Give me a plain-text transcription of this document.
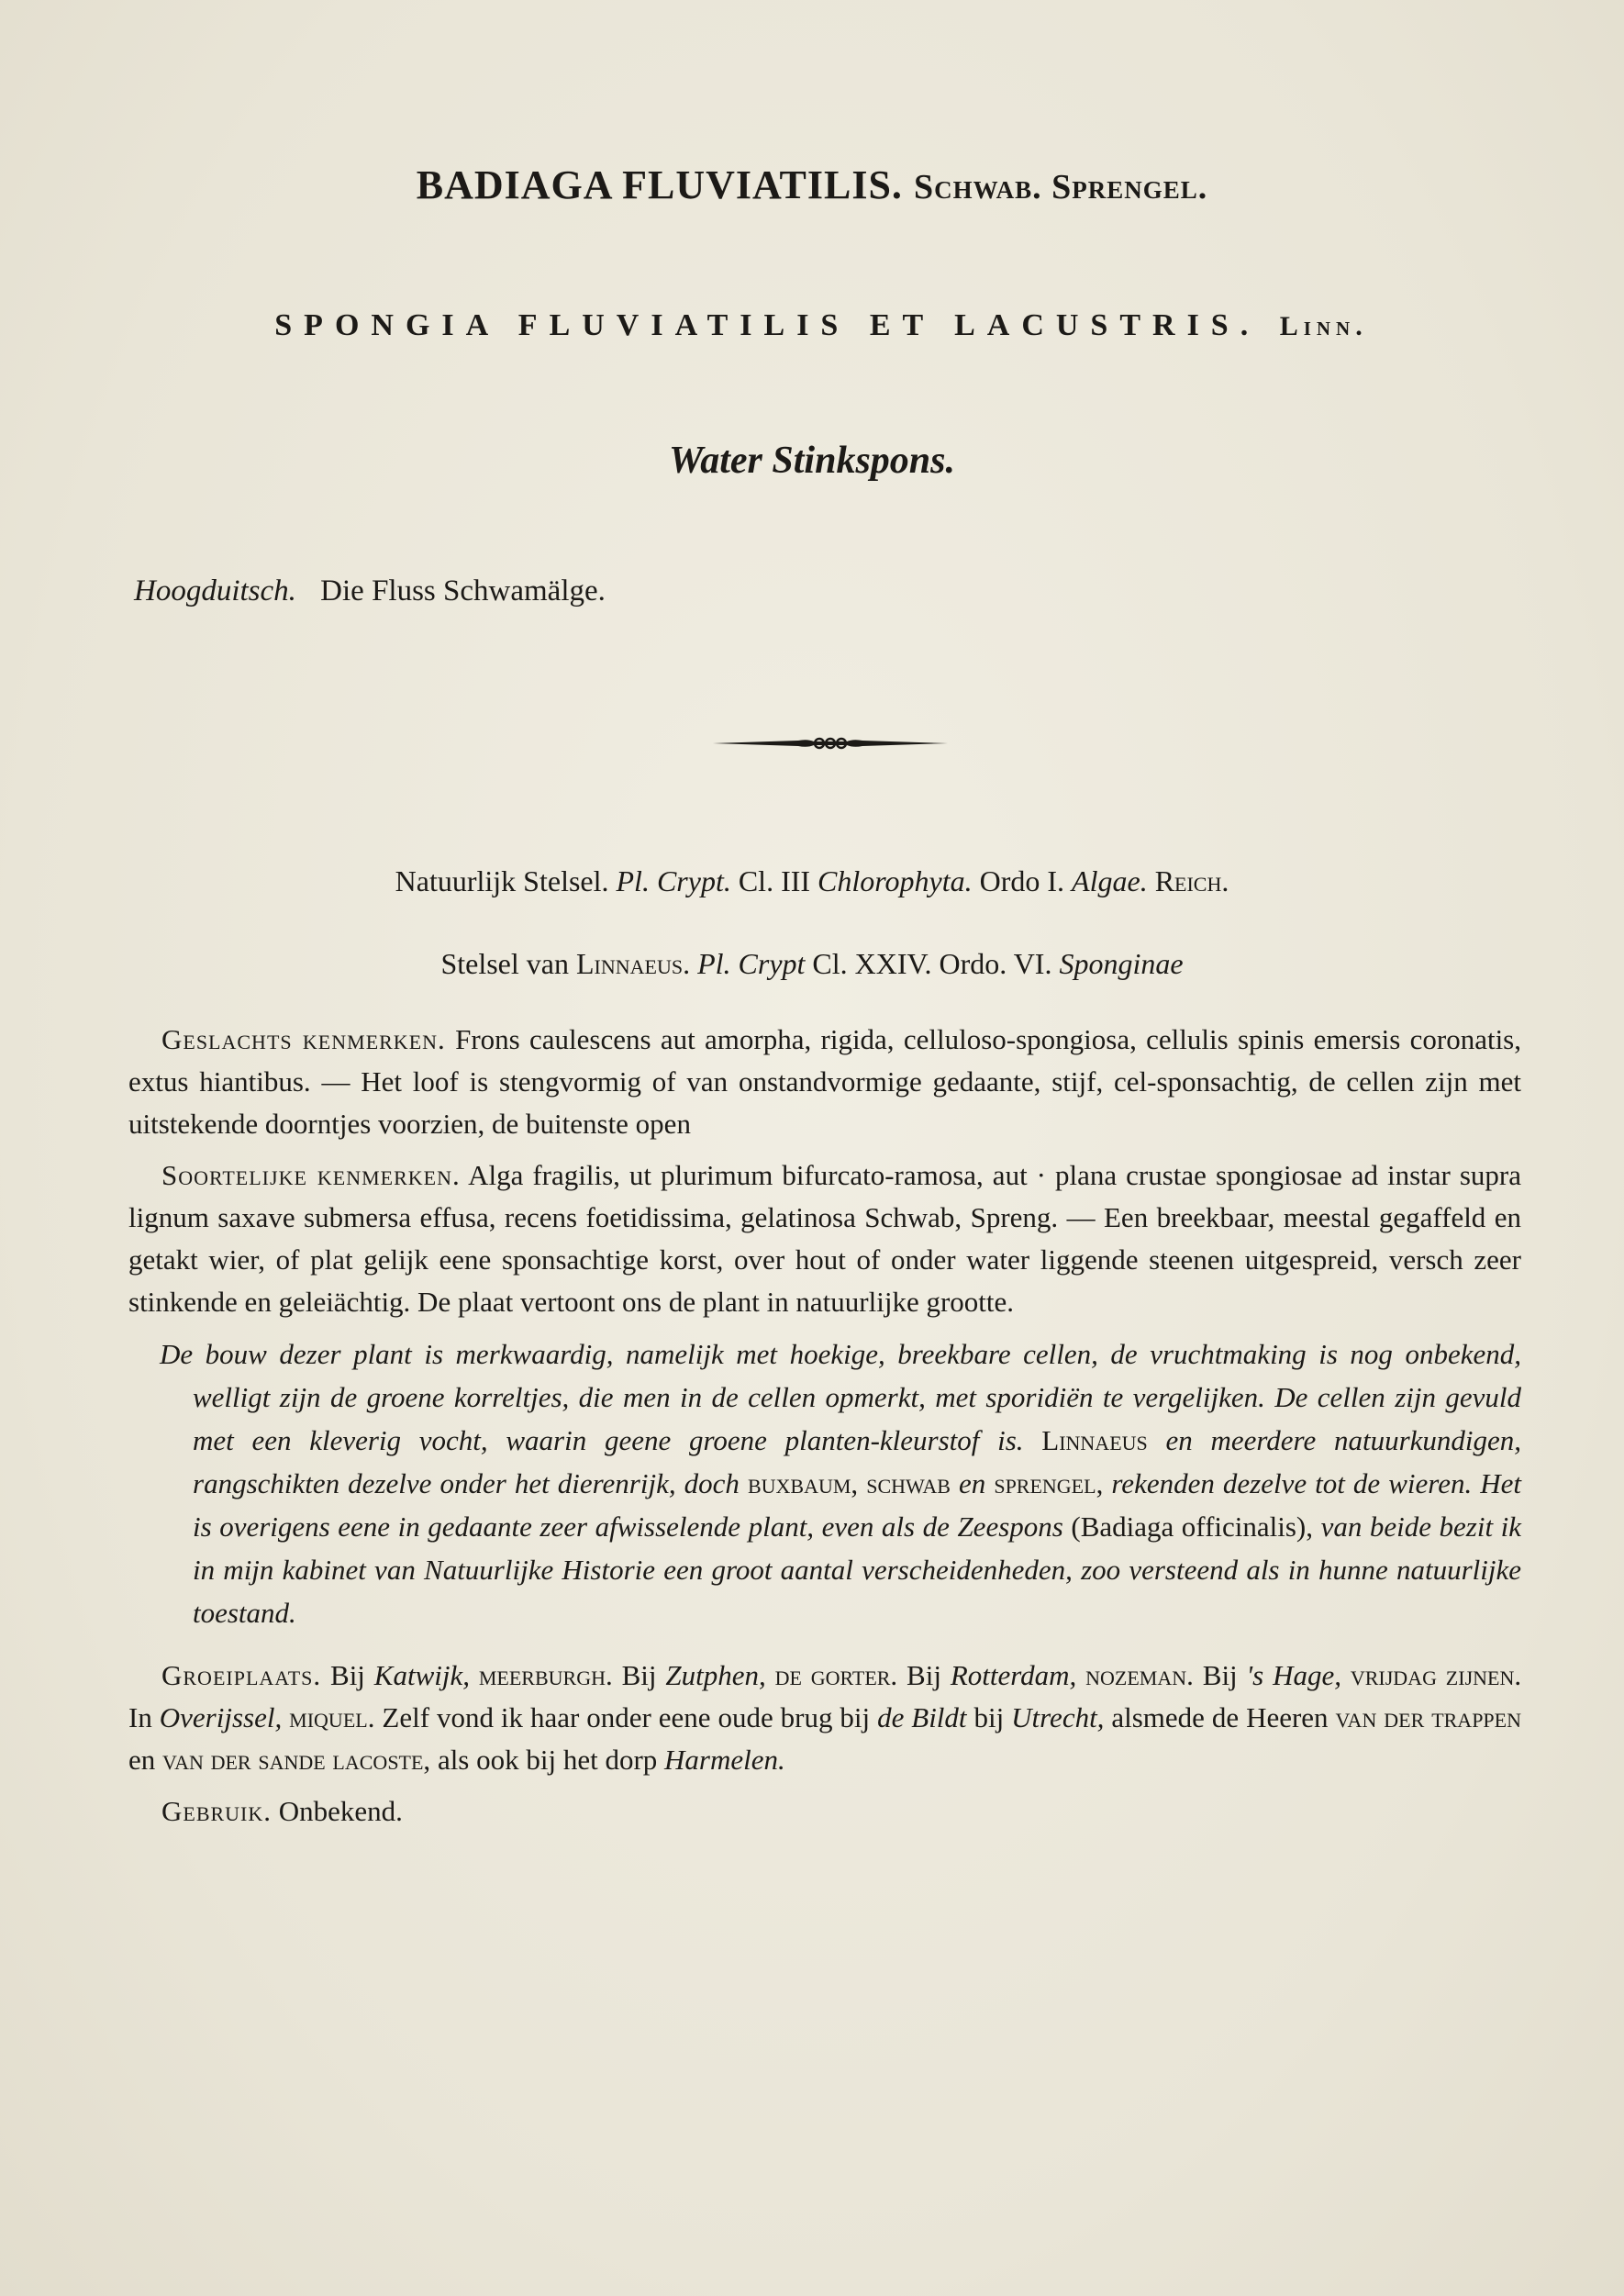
BADIAGA FLUVIATILIS. Schwab. Sprengel.
SPONGIA FLUVIATILIS ET LACUSTRIS. Linn.
Water Stinkspons.
Hoogduitsch. Die Fluss Schwamälge.
Natuurlijk Stelsel. Pl. Crypt. Cl. III Chlorophyta. Ordo I. Algae. Reich.
Stelsel van Linnaeus. Pl. Crypt Cl. XXIV. Ordo. VI. Sponginae

Geslachts kenmerken. Frons caulescens aut amorpha, rigida, celluloso-spongiosa, cellulis spinis emersis coronatis, extus hiantibus. — Het loof is stengvormig of van onstandvormige gedaante, stijf, cel-sponsachtig, de cellen zijn met uitstekende doorntjes voorzien, de buitenste open

Soortelijke kenmerken. Alga fragilis, ut plurimum bifurcato-ramosa, aut · plana crustae spongiosae ad instar supra lignum saxave submersa effusa, recens foetidissima, gelatinosa Schwab, Spreng. — Een breekbaar, meestal gegaffeld en getakt wier, of plat gelijk eene sponsachtige korst, over hout of onder water liggende steenen uitgespreid, versch zeer stinkende en geleiächtig. De plaat vertoont ons de plant in natuurlijke grootte.

De bouw dezer plant is merkwaardig, namelijk met hoekige, breekbare cellen, de vruchtmaking is nog onbekend, welligt zijn de groene korreltjes, die men in de cellen opmerkt, met sporidiën te vergelijken. De cellen zijn gevuld met een kleverig vocht, waarin geene groene planten-kleurstof is. Linnaeus en meerdere natuurkundigen, rangschikten dezelve onder het dierenrijk, doch buxbaum, schwab en sprengel, rekenden dezelve tot de wieren. Het is overigens eene in gedaante zeer afwisselende plant, even als de Zeespons (Badiaga officinalis), van beide bezit ik in mijn kabinet van Natuurlijke Historie een groot aantal verscheidenheden, zoo versteend als in hunne natuurlijke toestand.

Groeiplaats. Bij Katwijk, meerburgh. Bij Zutphen, de gorter. Bij Rotterdam, nozeman. Bij 's Hage, vrijdag zijnen. In Overijssel, miquel. Zelf vond ik haar onder eene oude brug bij de Bildt bij Utrecht, alsmede de Heeren van der trappen en van der sande lacoste, als ook bij het dorp Harmelen.

Gebruik. Onbekend.
